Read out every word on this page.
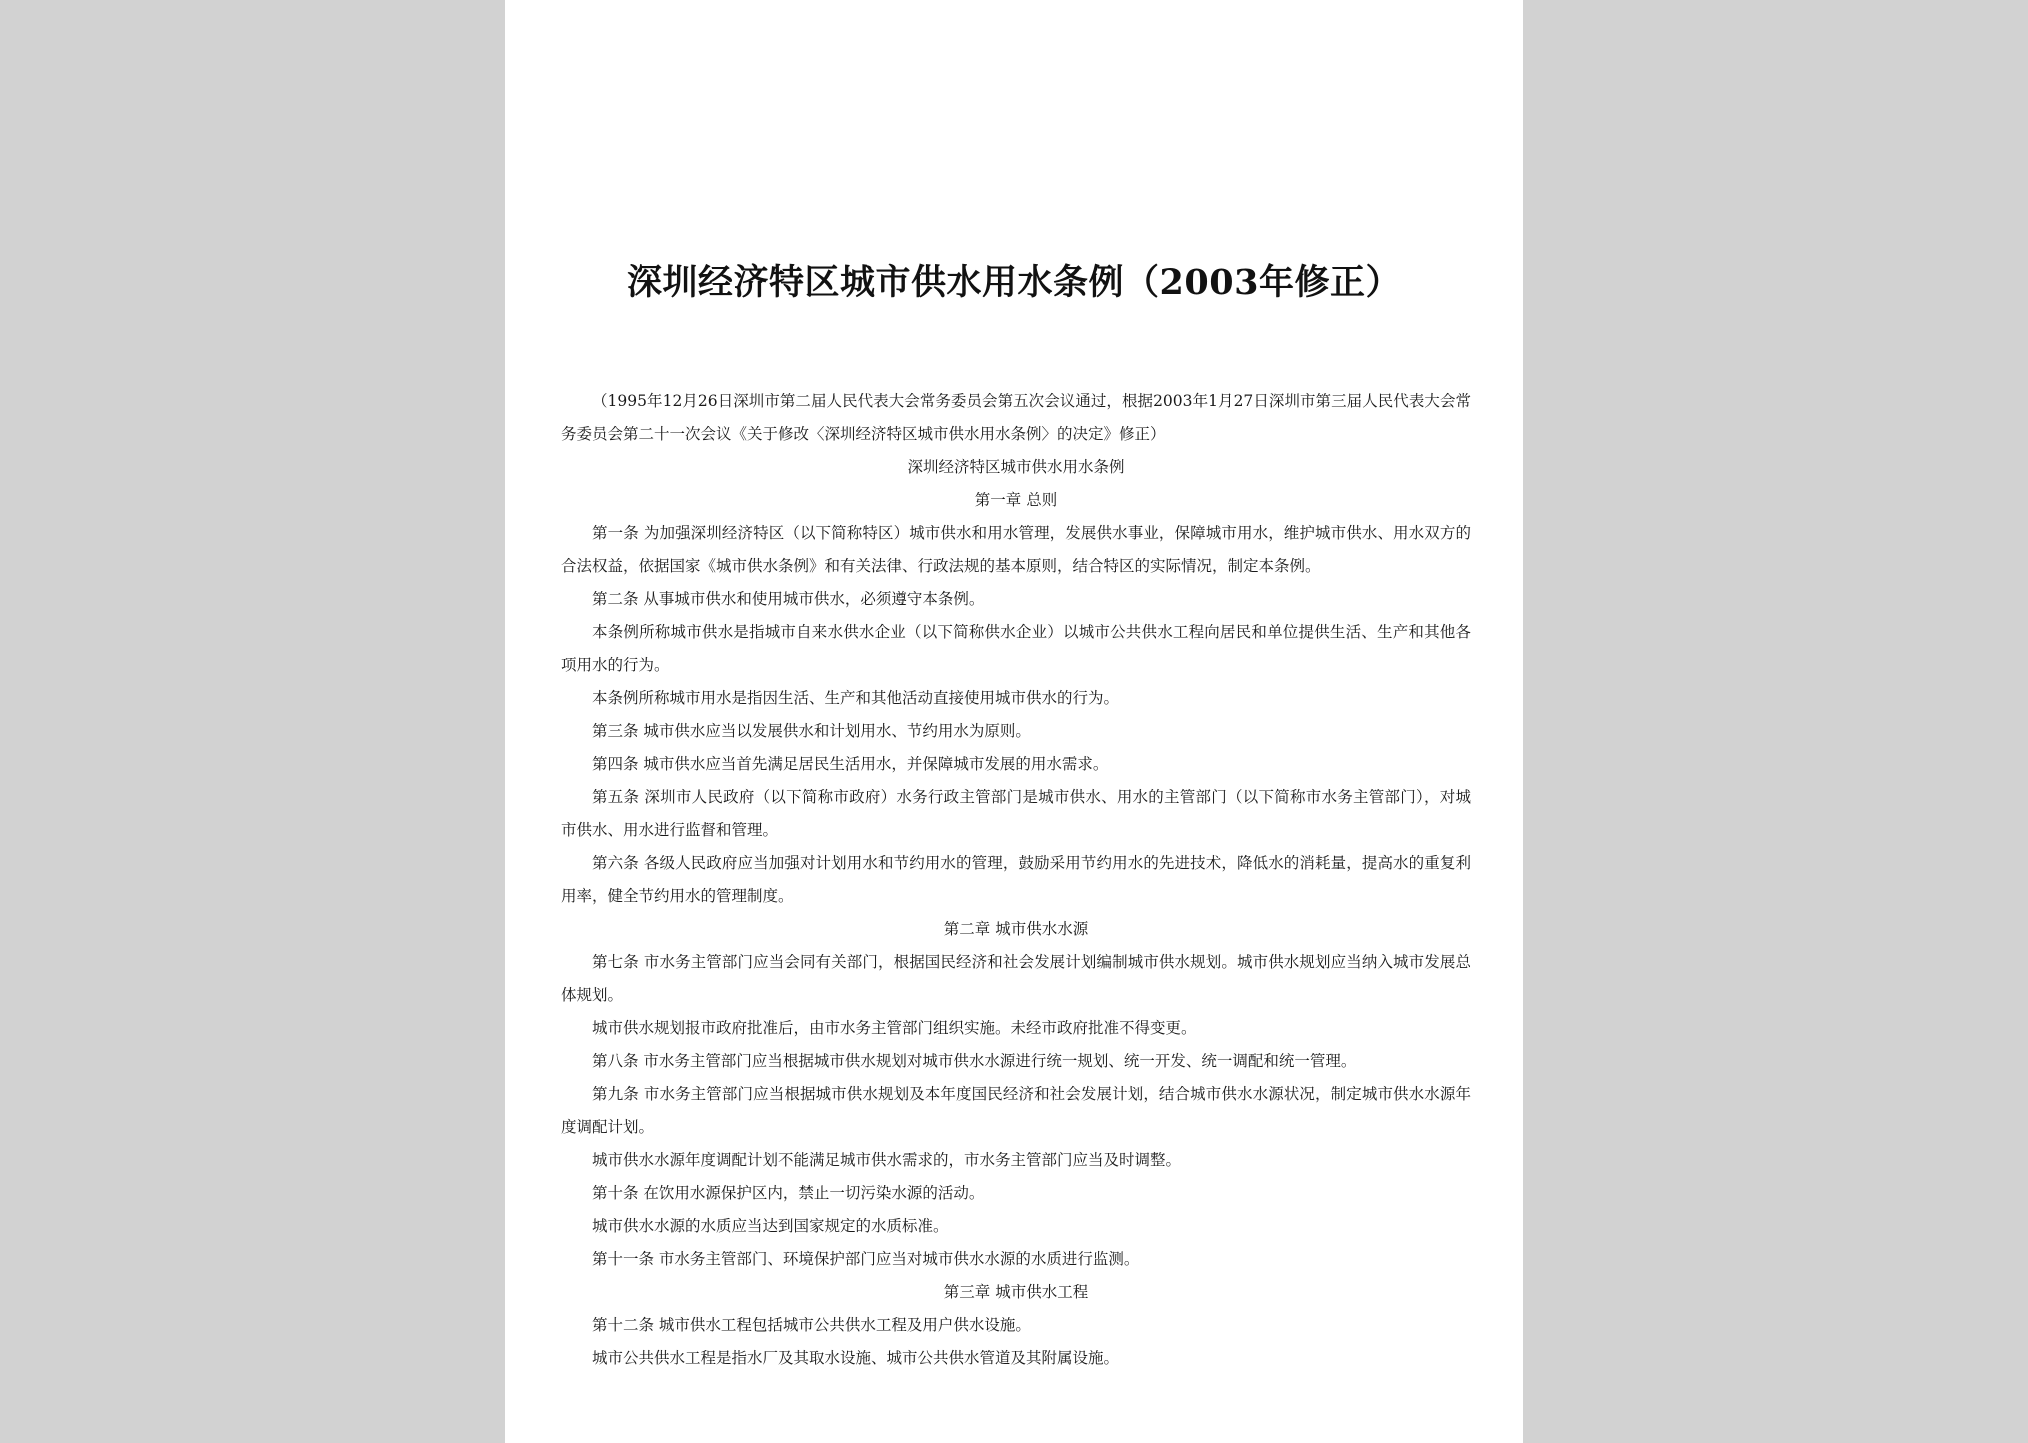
深圳经济特区城市供水用水条例（2003年修正）

（1995年12月26日深圳市第二届人民代表大会常务委员会第五次会议通过，根据2003年1月27日深圳市第三届人民代表大会常务委员会第二十一次会议《关于修改〈深圳经济特区城市供水用水条例〉的决定》修正）

深圳经济特区城市供水用水条例

第一章 总则

第一条 为加强深圳经济特区（以下简称特区）城市供水和用水管理，发展供水事业，保障城市用水，维护城市供水、用水双方的合法权益，依据国家《城市供水条例》和有关法律、行政法规的基本原则，结合特区的实际情况，制定本条例。

第二条 从事城市供水和使用城市供水，必须遵守本条例。

本条例所称城市供水是指城市自来水供水企业（以下简称供水企业）以城市公共供水工程向居民和单位提供生活、生产和其他各项用水的行为。

本条例所称城市用水是指因生活、生产和其他活动直接使用城市供水的行为。

第三条 城市供水应当以发展供水和计划用水、节约用水为原则。

第四条 城市供水应当首先满足居民生活用水，并保障城市发展的用水需求。

第五条 深圳市人民政府（以下简称市政府）水务行政主管部门是城市供水、用水的主管部门（以下简称市水务主管部门），对城市供水、用水进行监督和管理。

第六条 各级人民政府应当加强对计划用水和节约用水的管理，鼓励采用节约用水的先进技术，降低水的消耗量，提高水的重复利用率，健全节约用水的管理制度。

第二章 城市供水水源

第七条 市水务主管部门应当会同有关部门，根据国民经济和社会发展计划编制城市供水规划。城市供水规划应当纳入城市发展总体规划。

城市供水规划报市政府批准后，由市水务主管部门组织实施。未经市政府批准不得变更。

第八条 市水务主管部门应当根据城市供水规划对城市供水水源进行统一规划、统一开发、统一调配和统一管理。

第九条 市水务主管部门应当根据城市供水规划及本年度国民经济和社会发展计划，结合城市供水水源状况，制定城市供水水源年度调配计划。

城市供水水源年度调配计划不能满足城市供水需求的，市水务主管部门应当及时调整。

第十条 在饮用水源保护区内，禁止一切污染水源的活动。

城市供水水源的水质应当达到国家规定的水质标准。

第十一条 市水务主管部门、环境保护部门应当对城市供水水源的水质进行监测。

第三章 城市供水工程

第十二条 城市供水工程包括城市公共供水工程及用户供水设施。

城市公共供水工程是指水厂及其取水设施、城市公共供水管道及其附属设施。
